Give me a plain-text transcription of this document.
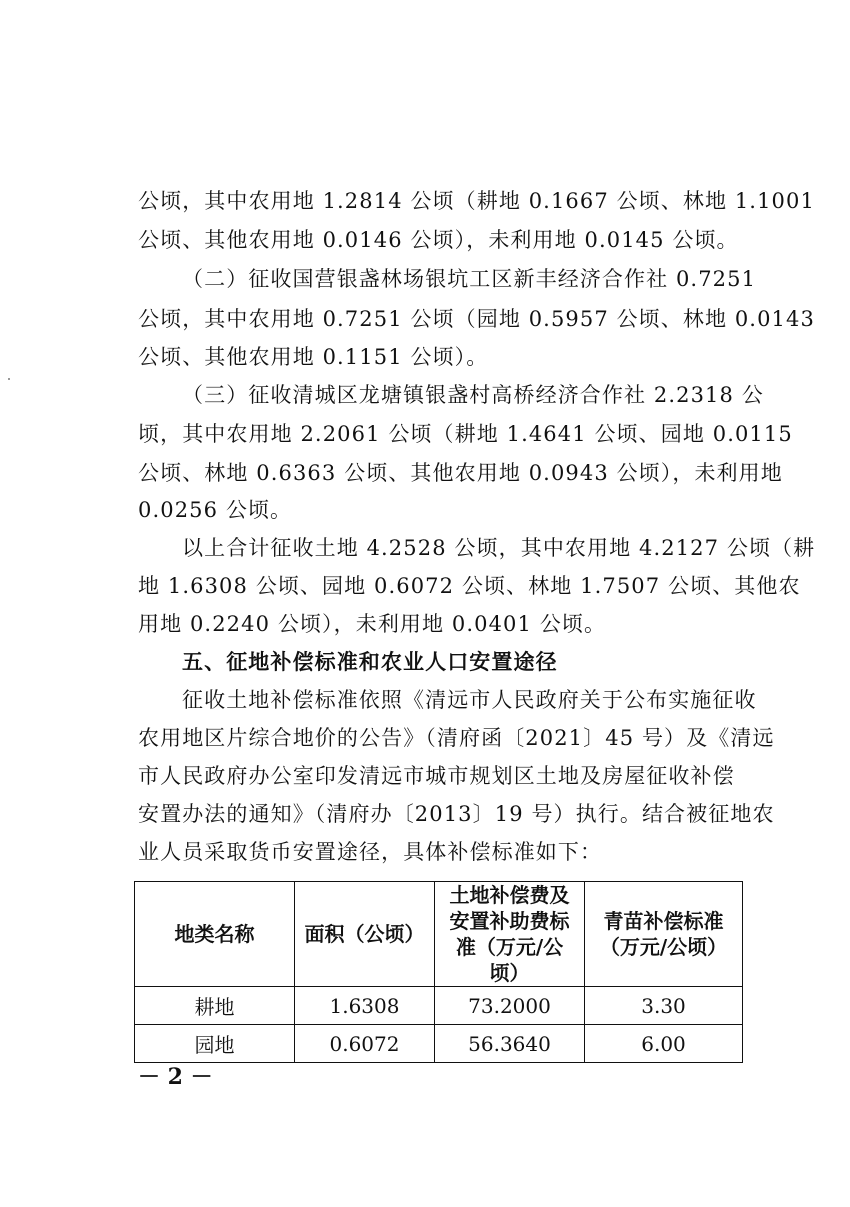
公顷，其中农用地 1.2814 公顷（耕地 0.1667 公顷、林地 1.1001
公顷、其他农用地 0.0146 公顷），未利用地 0.0145 公顷。
（二）征收国营银盏林场银坑工区新丰经济合作社 0.7251
公顷，其中农用地 0.7251 公顷（园地 0.5957 公顷、林地 0.0143
公顷、其他农用地 0.1151 公顷）。
（三）征收清城区龙塘镇银盏村高桥经济合作社 2.2318 公
顷，其中农用地 2.2061 公顷（耕地 1.4641 公顷、园地 0.0115
公顷、林地 0.6363 公顷、其他农用地 0.0943 公顷），未利用地
0.0256 公顷。
以上合计征收土地 4.2528 公顷，其中农用地 4.2127 公顷（耕
地 1.6308 公顷、园地 0.6072 公顷、林地 1.7507 公顷、其他农
用地 0.2240 公顷），未利用地 0.0401 公顷。
五、征地补偿标准和农业人口安置途径
征收土地补偿标准依照《清远市人民政府关于公布实施征收
农用地区片综合地价的公告》（清府函〔2021〕45 号）及《清远
市人民政府办公室印发清远市城市规划区土地及房屋征收补偿
安置办法的通知》（清府办〔2013〕19 号）执行。结合被征地农
业人员采取货币安置途径，具体补偿标准如下：
地类名称	面积（公顷）	土地补偿费及安置补助费标准（万元/公顷）	青苗补偿标准（万元/公顷）
耕地	1.6308	73.2000	3.30
园地	0.6072	56.3640	6.00
－ 2 －
